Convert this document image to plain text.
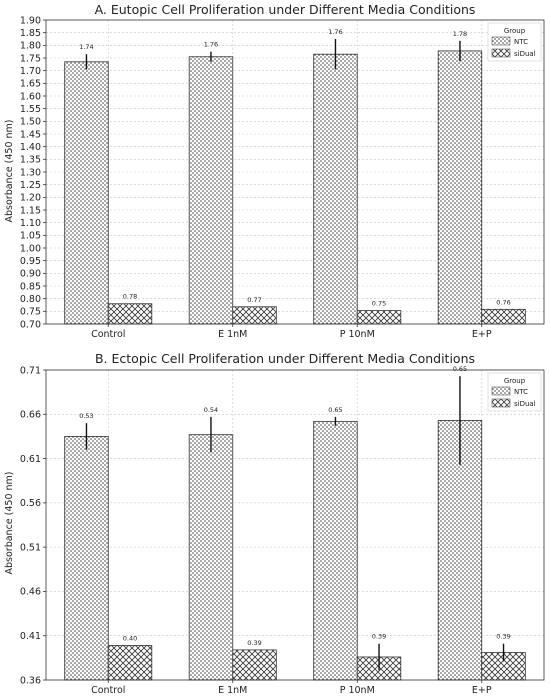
A. Eutopic Cell Proliferation under Different Media Conditions
Absorbance (450 nm)
0.70
0.75
0.80
0.85
0.90
0.95
1.00
1.05
1.10
1.15
1.20
1.25
1.30
1.35
1.40
1.45
1.50
1.55
1.60
1.65
1.70
1.75
1.80
1.85
1.90
1.74
0.78
1.76
0.77
1.76
0.75
1.78
0.76
Control	E 1nM	P 10nM	E+P
Group
NTC
siDual
B. Ectopic Cell Proliferation under Different Media Conditions
Absorbance (450 nm)
0.36
0.41
0.46
0.51
0.56
0.61
0.66
0.71
0.53
0.40
0.54
0.39
0.65
0.39
0.65
0.39
Control	E 1nM	P 10nM	E+P
Group
NTC
siDual
